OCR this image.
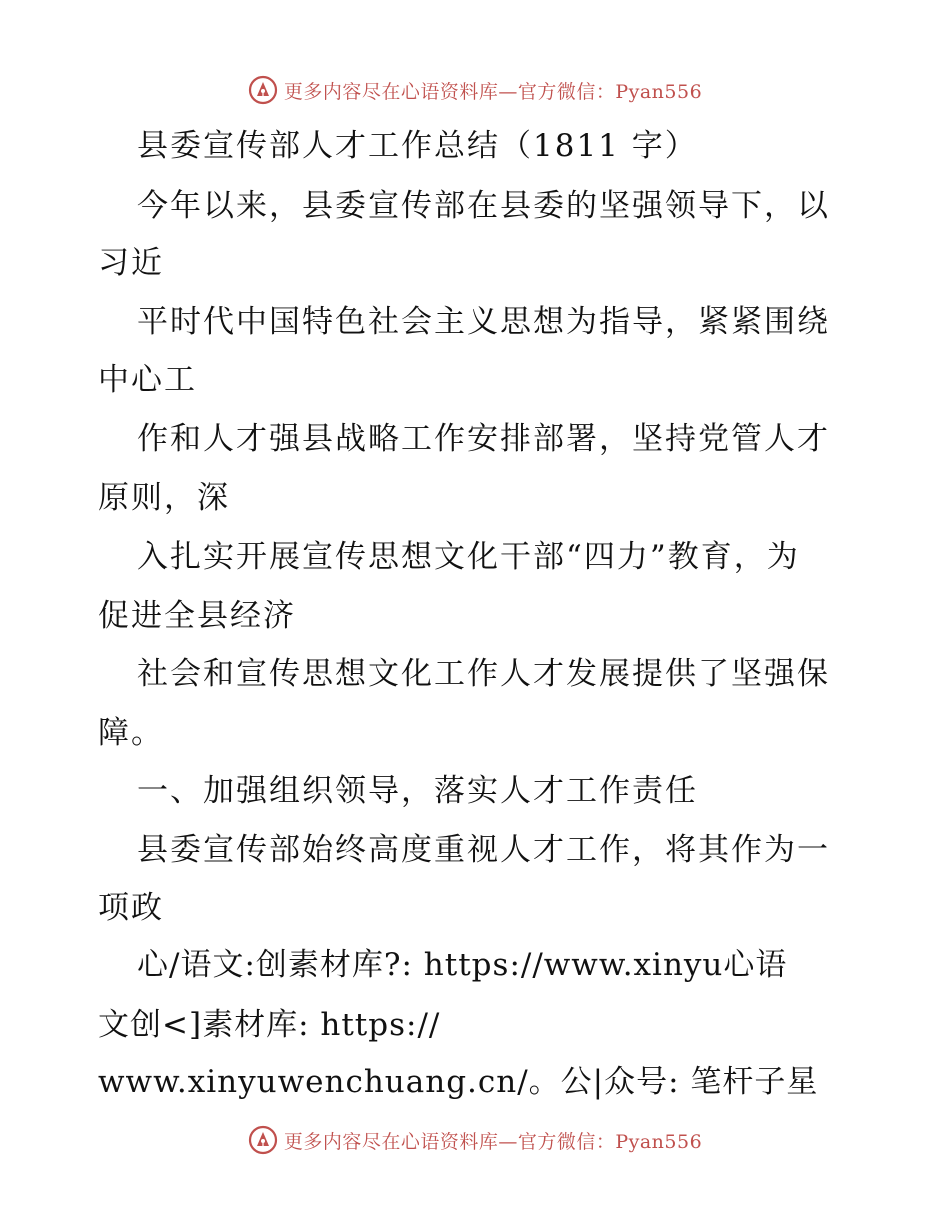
更多内容尽在心语资料库—官方微信：Pyan556
县委宣传部人才工作总结（1811 字）
今年以来，县委宣传部在县委的坚强领导下，以
习近
平时代中国特色社会主义思想为指导，紧紧围绕
中心工
作和人才强县战略工作安排部署，坚持党管人才
原则，深
入扎实开展宣传思想文化干部“四力”教育，为
促进全县经济
社会和宣传思想文化工作人才发展提供了坚强保
障。
一、加强组织领导，落实人才工作责任
县委宣传部始终高度重视人才工作，将其作为一
项政
心/语文:创素材库?: https://www.xinyu心语
文创<]素材库: https://
www.xinyuwenchuang.cn/。公|众号: 笔杆子星
更多内容尽在心语资料库—官方微信：Pyan556
